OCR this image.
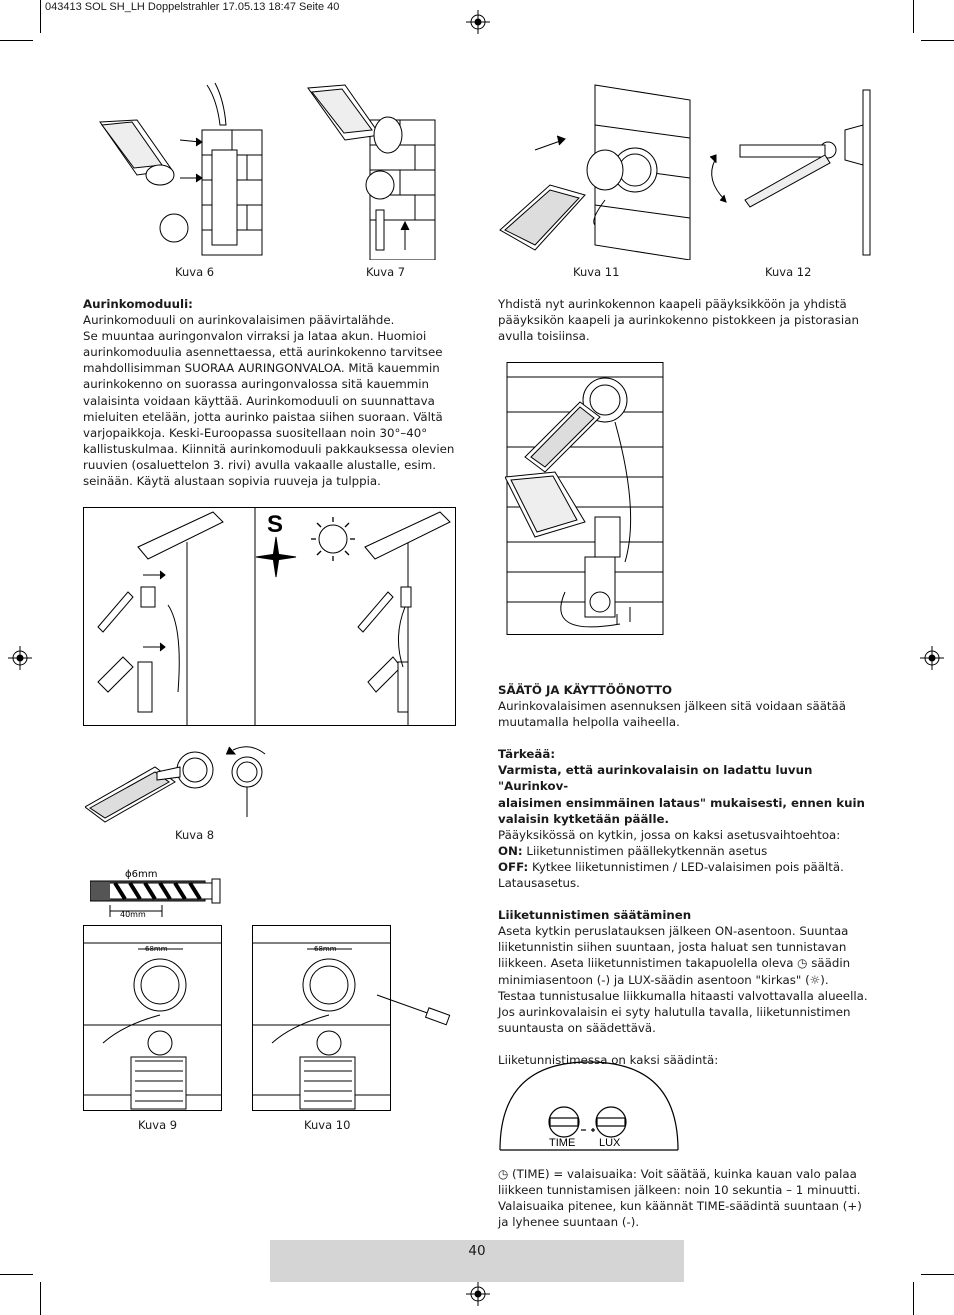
043413 SOL SH_LH Doppelstrahler 17.05.13 18:47 Seite 40
Kuva 6	Kuva 7	Kuva 11	Kuva 12

Aurinkomoduuli:

Aurinkomoduuli on aurinkovalaisimen päävirtalähde.

Se muuntaa auringonvalon virraksi ja lataa akun. Huomioi

aurinkomoduulia asennettaessa, että aurinkokenno tarvitsee

mahdollisimman SUORAA AURINGONVALOA. Mitä kauemmin

aurinkokenno on suorassa auringonvalossa sitä kauemmin

valaisinta voidaan käyttää. Aurinkomoduuli on suunnattava

mieluiten etelään, jotta aurinko paistaa siihen suoraan. Vältä

varjopaikkoja. Keski-Euroopassa suositellaan noin 30°–40°

kallistuskulmaa. Kiinnitä aurinkomoduuli pakkauksessa olevien

ruuvien (osaluettelon 3. rivi) avulla vakaalle alustalle, esim.

seinään. Käytä alustaan sopivia ruuveja ja tulppia.

S
Kuva 8
ϕ6mm
40mm
68mm
Kuva 9
68mm
Kuva 10

Yhdistä nyt aurinkokennon kaapeli pääyksikköön ja yhdistä

pääyksikön kaapeli ja aurinkokenno pistokkeen ja pistorasian

avulla toisiinsa.

SÄÄTÖ JA KÄYTTÖÖNOTTO

Aurinkovalaisimen asennuksen jälkeen sitä voidaan säätää

muutamalla helpolla vaiheella.

Tärkeää:

Varmista, että aurinkovalaisin on ladattu luvun "Aurinkov-

alaisimen ensimmäinen lataus" mukaisesti, ennen kuin

valaisin kytketään päälle.

Pääyksikössä on kytkin, jossa on kaksi asetusvaihtoehtoa:

ON: Liiketunnistimen päällekytkennän asetus

OFF: Kytkee liiketunnistimen / LED-valaisimen pois päältä.

Latausasetus.

Liiketunnistimen säätäminen

Aseta kytkin peruslatauksen jälkeen ON-asentoon. Suuntaa

liiketunnistin siihen suuntaan, josta haluat sen tunnistavan

liikkeen. Aseta liiketunnistimen takapuolella oleva ◷ säädin

minimiasentoon (-) ja LUX-säädin asentoon "kirkas" (☼).

Testaa tunnistusalue liikkumalla hitaasti valvottavalla alueella.

Jos aurinkovalaisin ei syty halutulla tavalla, liiketunnistimen

suuntausta on säädettävä.

Liiketunnistimessa on kaksi säädintä:

TIME LUX

◷ (TIME) = valaisuaika: Voit säätää, kuinka kauan valo palaa

liikkeen tunnistamisen jälkeen: noin 10 sekuntia – 1 minuutti.

Valaisuaika pitenee, kun käännät TIME-säädintä suuntaan (+)

ja lyhenee suuntaan (-).

40
